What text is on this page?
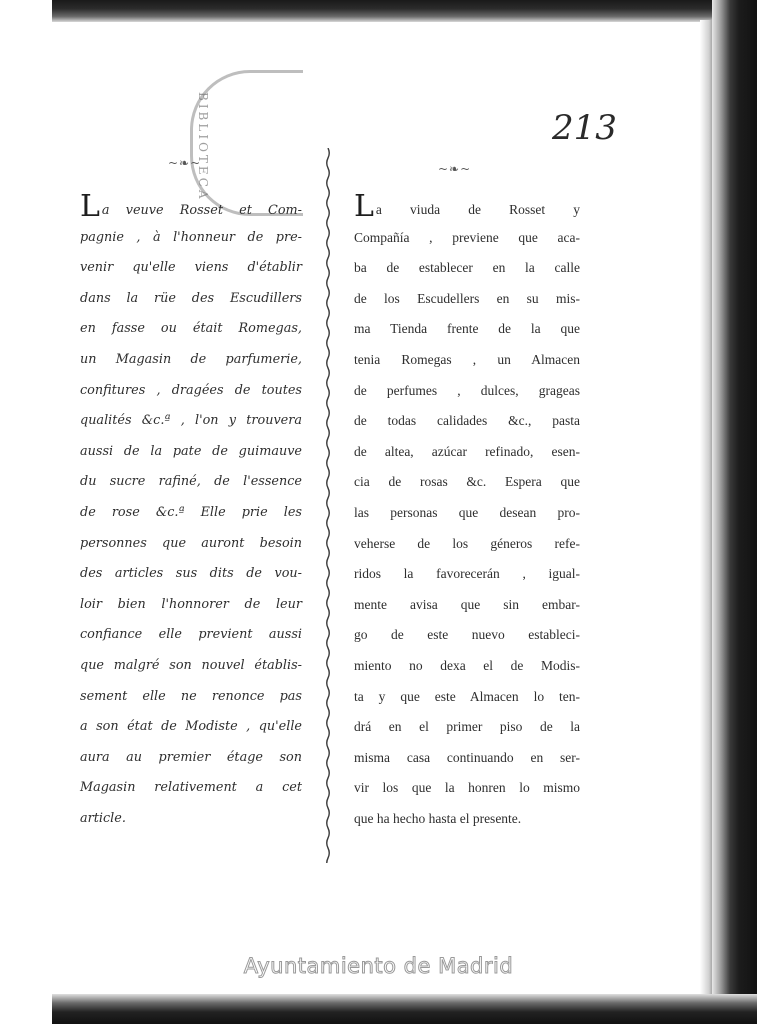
BIBLIOTECA	213
~❧~	~❧~
La veuve Rosset et Com-
pagnie , à l'honneur de pre-
venir qu'elle viens d'établir
dans la rüe des Escudillers
en fasse ou était Romegas,
un Magasin de parfumerie,
confitures , dragées de toutes
qualités &c.ª , l'on y trouvera
aussi de la pate de guimauve
du sucre rafiné, de l'essence
de rose &c.ª Elle prie les
personnes que auront besoin
des articles sus dits de vou-
loir bien l'honnorer de leur
confiance elle previent aussi
que malgré son nouvel établis-
sement elle ne renonce pas
a son état de Modiste , qu'elle
aura au premier étage son
Magasin relativement a cet
article.
La viuda de Rosset y
Compañía , previene que aca-
ba de establecer en la calle
de los Escudellers en su mis-
ma Tienda frente de la que
tenia Romegas , un Almacen
de perfumes , dulces, grageas
de todas calidades &c., pasta
de altea, azúcar refinado, esen-
cia de rosas &c. Espera que
las personas que desean pro-
veherse de los géneros refe-
ridos la favorecerán , igual-
mente avisa que sin embar-
go de este nuevo estableci-
miento no dexa el de Modis-
ta y que este Almacen lo ten-
drá en el primer piso de la
misma casa continuando en ser-
vir los que la honren lo mismo
que ha hecho hasta el presente.
Ayuntamiento de Madrid
